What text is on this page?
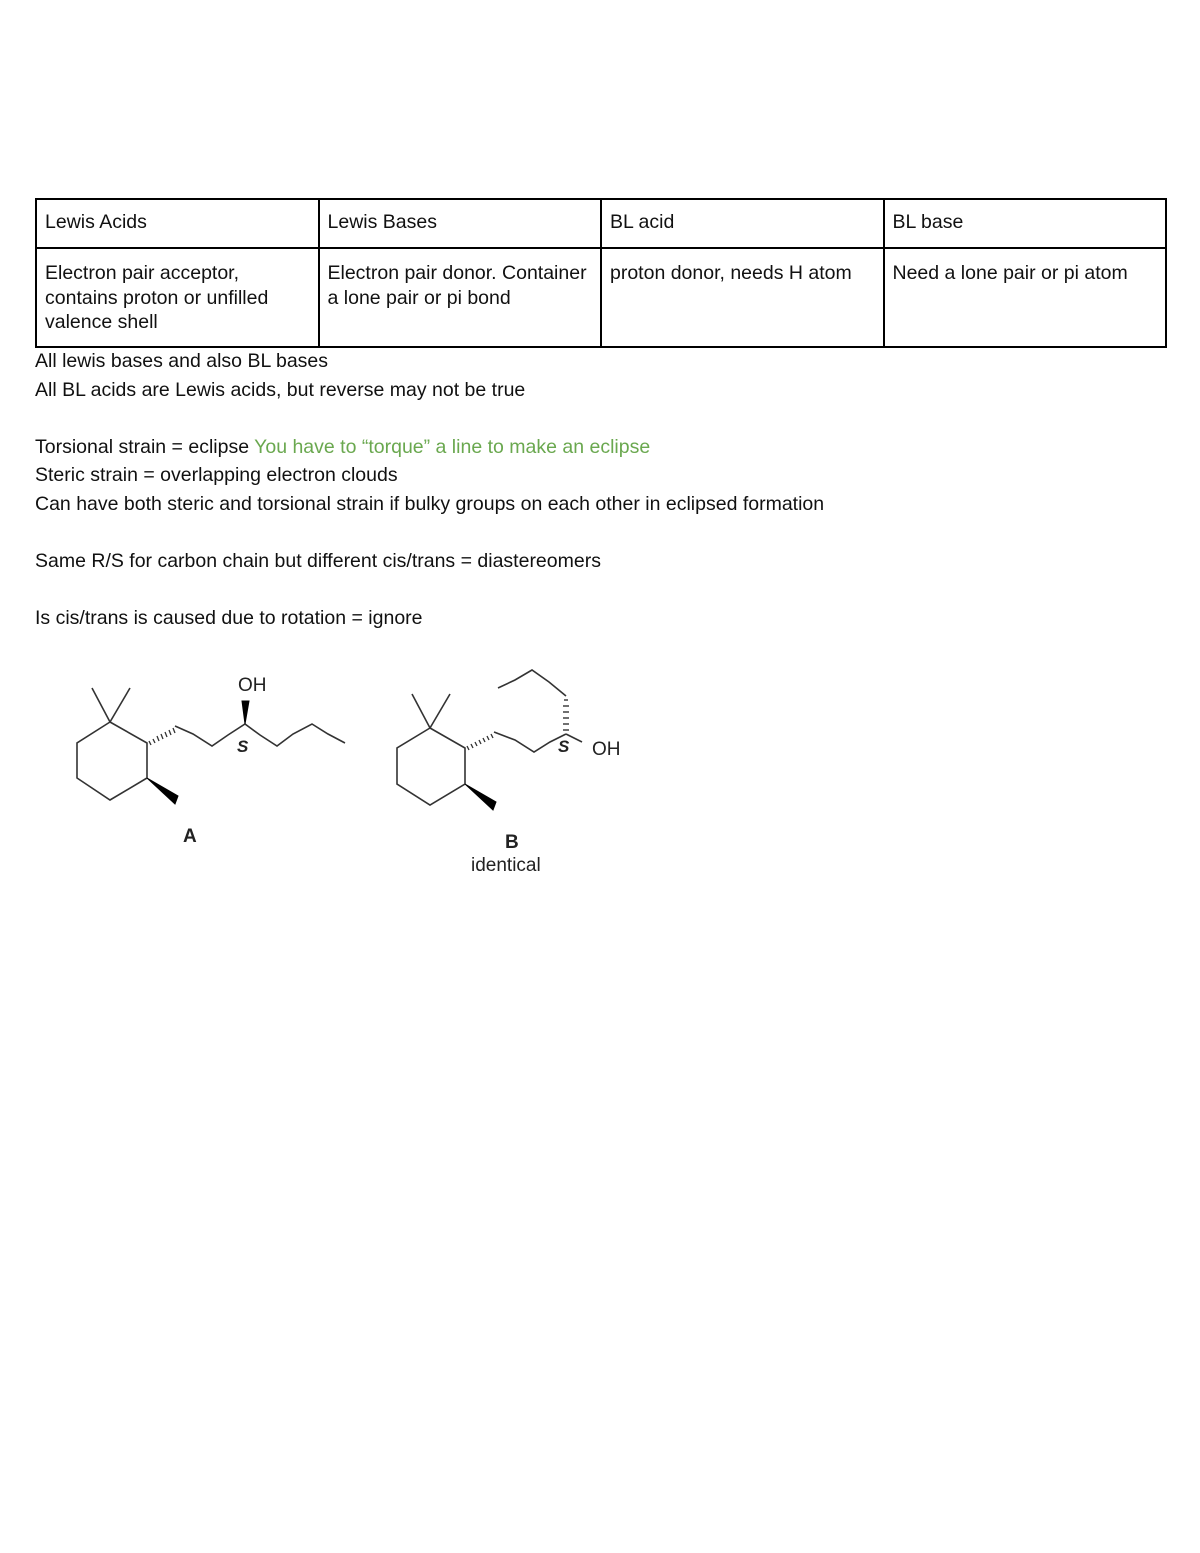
Lewis Acids	Lewis Bases	BL acid	BL base
Electron pair acceptor, contains proton or unfilled valence shell	Electron pair donor. Container a lone pair or pi bond	proton donor, needs H atom	Need a lone pair or pi atom
All lewis bases and also BL bases
All BL acids are Lewis acids, but reverse may not be true
Torsional strain = eclipse You have to “torque” a line to make an eclipse
Steric strain = overlapping electron clouds
Can have both steric and torsional strain if bulky groups on each other in eclipsed formation
Same R/S for carbon chain but different cis/trans = diastereomers
Is cis/trans is caused due to rotation = ignore
OH
S
A
OH
S
B
identical
